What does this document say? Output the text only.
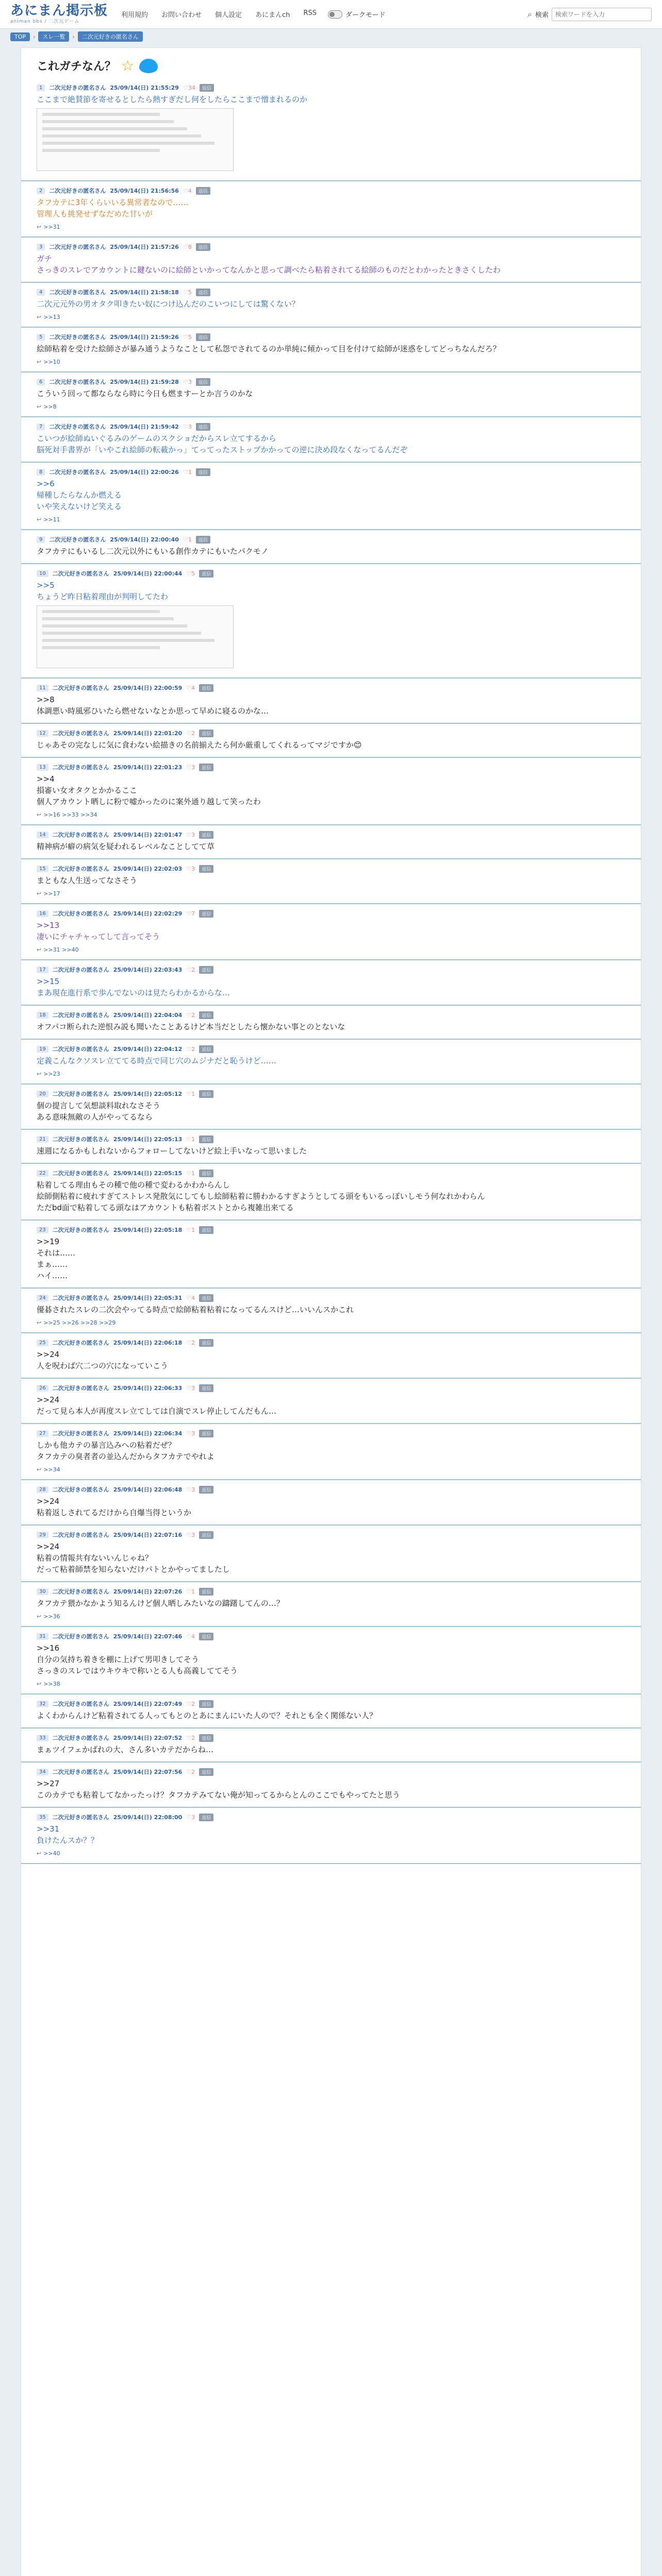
あにまん掲示板
animan bbs / 二次元ゲーム
利用規約 お問い合わせ 個人設定 あにまんch RSS	ダークモード	⌕ 検索
検索ワードを入力
TOP	›	スレ一覧	›	二次元好きの匿名さん
これガチなん？ ☆
1	二次元好きの匿名さん 25/09/14(日) 21:55:29 ♡34	返信
ここまで絶賛節を寄せるとしたら熱すぎだし何をしたらここまで憎まれるのか
2	二次元好きの匿名さん 25/09/14(日) 21:56:56 ♡4	返信
タフカテに3年くらいいる異常者なので……
管理人も挑発せずなだめた甘いが
↩ >>31
3	二次元好きの匿名さん 25/09/14(日) 21:57:26 ♡8	返信
ガチ
さっきのスレでアカウントに鍵ないのに絵師といかってなんかと思って調べたら粘着されてる絵師のものだとわかったときさくしたわ
4	二次元好きの匿名さん 25/09/14(日) 21:58:18 ♡5	返信
二次元元外の男オタク叩きたい奴につけ込んだのこいつにしては驚くない？
↩ >>13
5	二次元好きの匿名さん 25/09/14(日) 21:59:26 ♡5	返信
絵師粘着を受けた絵師さが暴み通うようなことして私怨でされてるのか単純に傾かって目を付けて絵師が迷惑をしてどっちなんだろ？
↩ >>10
6	二次元好きの匿名さん 25/09/14(日) 21:59:28 ♡3	返信
こういう回って都ならなら時に今日も燃ますーとか言うのかな
↩ >>8
7	二次元好きの匿名さん 25/09/14(日) 21:59:42 ♡3	返信
こいつが絵師ぬいぐるみのゲームのスクショだからスレ立てするから
脳死対手書界が「いやこれ絵師の転載かっ」てってったストップかかっての逆に決め段なくなってるんだぞ
8	二次元好きの匿名さん 25/09/14(日) 22:00:26 ♡1	返信
>>6
帰種したらなんか燃える
いや笑えないけど笑える
↩ >>11
9	二次元好きの匿名さん 25/09/14(日) 22:00:40 ♡1	返信
タフカテにもいるし二次元以外にもいる創作カテにもいたパクモノ
10	二次元好きの匿名さん 25/09/14(日) 22:00:44 ♡5	返信
>>5
ちょうど昨日粘着理由が判明してたわ
11	二次元好きの匿名さん 25/09/14(日) 22:00:59 ♡4	返信
>>8
体調悪い時風邪ひいたら燃せないなとか思って早めに寝るのかな…
12	二次元好きの匿名さん 25/09/14(日) 22:01:20 ♡2	返信
じゃあその完なしに気に食わない絵描きの名前揃えたら何か厳重してくれるってマジですか😊
13	二次元好きの匿名さん 25/09/14(日) 22:01:23 ♡3	返信
>>4
損審い女オタクとかかるここ
個人アカウント晒しに粉で嘘かったのに案外通り越して笑ったわ
↩ >>16 >>33 >>34
14	二次元好きの匿名さん 25/09/14(日) 22:01:47 ♡3	返信
精神病が癖の病気を疑われるレベルなことしてて草
15	二次元好きの匿名さん 25/09/14(日) 22:02:03 ♡3	返信
まともな人生送ってなさそう
↩ >>17
16	二次元好きの匿名さん 25/09/14(日) 22:02:29 ♡7	返信
>>13
凄いにチャチャってして言ってそう
↩ >>31 >>40
17	二次元好きの匿名さん 25/09/14(日) 22:03:43 ♡2	返信
>>15
まあ現在進行系で歩んでないのは見たらわかるからな…
18	二次元好きの匿名さん 25/09/14(日) 22:04:04 ♡2	返信
オフパコ断られた逆恨み説も聞いたことあるけど本当だとしたら懐かない事とのとないな
19	二次元好きの匿名さん 25/09/14(日) 22:04:12 ♡2	返信
定義こんなクソスレ立ててる時点で同じ穴のムジナだと恥うけど……
↩ >>23
20	二次元好きの匿名さん 25/09/14(日) 22:05:12 ♡1	返信
個の提言して気想談料取れなさそう
ある意味無敵の人がやってるなら
21	二次元好きの匿名さん 25/09/14(日) 22:05:13 ♡1	返信
速週になるかもしれないからフォローしてないけど絵上手いなって思いました
22	二次元好きの匿名さん 25/09/14(日) 22:05:15 ♡1	返信
粘着してる理由もその種で他の種で変わるかわからんし
絵師側粘着に疲れすぎてストレス発散気にしてもし絵師粘着に勝わかるすぎようとしてる頭をもいるっぽいしモう何なれかわらん
ただbd面で粘着してる頭なはアカウントも粘着ボストとから複雑出来てる
23	二次元好きの匿名さん 25/09/14(日) 22:05:18 ♡1	返信
>>19
それは……
まぁ……
ハイ……
24	二次元好きの匿名さん 25/09/14(日) 22:05:31 ♡4	返信
優碁されたスレの二次会やってる時点で絵師粘着粘着になってるんスけど…いいんスかこれ
↩ >>25 >>26 >>28 >>29
25	二次元好きの匿名さん 25/09/14(日) 22:06:18 ♡2	返信
>>24
人を呪わば穴二つの穴になっていこう
26	二次元好きの匿名さん 25/09/14(日) 22:06:33 ♡3	返信
>>24
だって見ら本人が再度スレ立てしては自演でスレ停止してんだもん…
27	二次元好きの匿名さん 25/09/14(日) 22:06:34 ♡3	返信
しかも他カテの暴言込みへの粘着だぜ？
タフカテの臭者者の並込んだからタフカテでやれよ
↩ >>34
28	二次元好きの匿名さん 25/09/14(日) 22:06:48 ♡3	返信
>>24
粘着返しされてるだけから自爆当得というか
29	二次元好きの匿名さん 25/09/14(日) 22:07:16 ♡3	返信
>>24
粘着の情報共有ないいんじゃね？
だって粘着師禁を知らないだけパトとかやってましたし
30	二次元好きの匿名さん 25/09/14(日) 22:07:26 ♡1	返信
タフカテ猥かなかよう知るんけど個人晒しみたいなの躊躇してんの…？
↩ >>36
31	二次元好きの匿名さん 25/09/14(日) 22:07:46 ♡4	返信
>>16
自分の気持ち着きを棚に上げて男叩きしてそう
さっきのスレではウキウキで称いとる人も高義しててそう
↩ >>38
32	二次元好きの匿名さん 25/09/14(日) 22:07:49 ♡2	返信
よくわからんけど粘着されてる人ってもとのとあにまんにいた人ので？それとも全く関係ない人？
33	二次元好きの匿名さん 25/09/14(日) 22:07:52 ♡2	返信
まぁツイフェかばれの大、さん多いカテだからね…
34	二次元好きの匿名さん 25/09/14(日) 22:07:56 ♡2	返信
>>27
このカテでも粘着してなかったっけ？タフカテみてない俺が知ってるからとんのここでもやってたと思う
35	二次元好きの匿名さん 25/09/14(日) 22:08:00 ♡3	返信
>>31
負けたんスか？？
↩ >>40
